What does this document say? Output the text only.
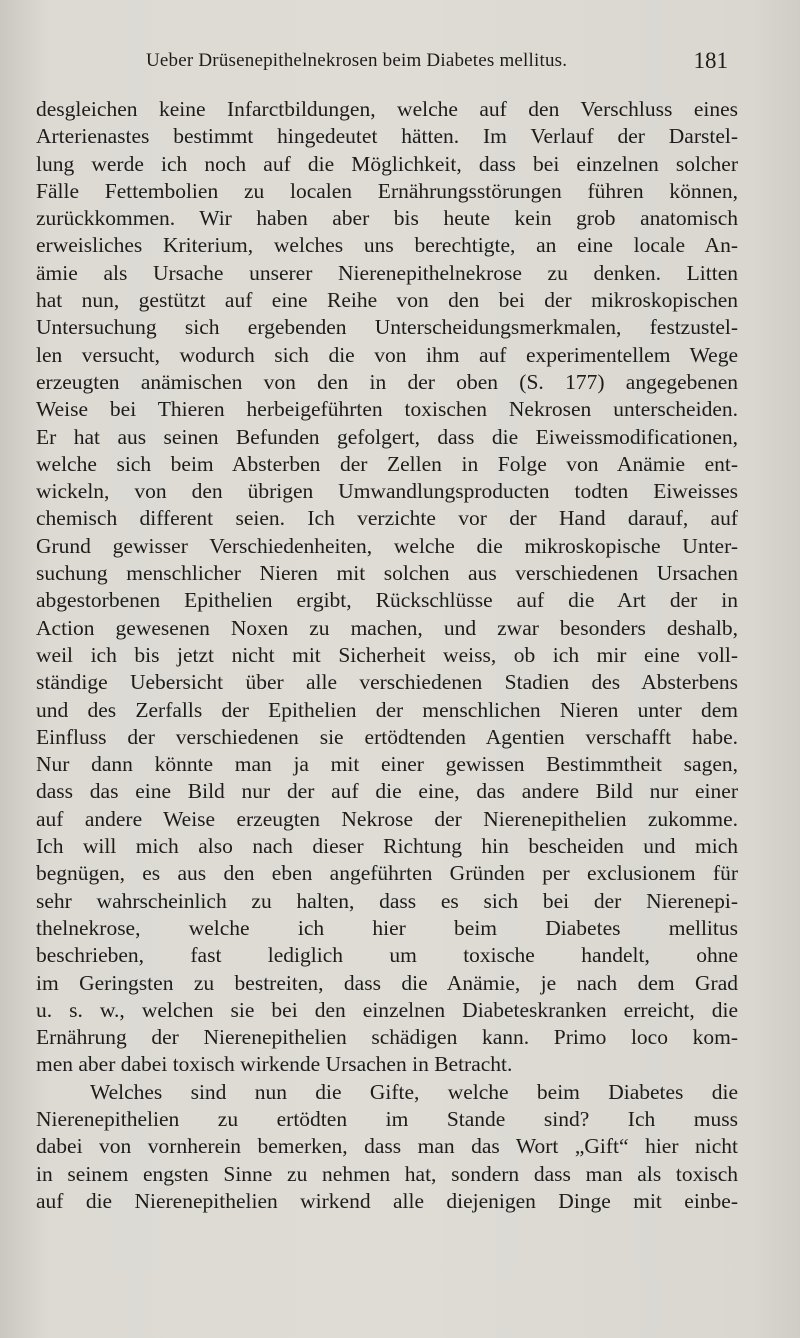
Ueber Drüsenepithelnekrosen beim Diabetes mellitus.	181
desgleichen keine Infarctbildungen, welche auf den Verschluss eines
Arterienastes bestimmt hingedeutet hätten. Im Verlauf der Darstel-
lung werde ich noch auf die Möglichkeit, dass bei einzelnen solcher
Fälle Fettembolien zu localen Ernährungsstörungen führen können,
zurückkommen. Wir haben aber bis heute kein grob anatomisch
erweisliches Kriterium, welches uns berechtigte, an eine locale An-
ämie als Ursache unserer Nierenepithelnekrose zu denken. Litten
hat nun, gestützt auf eine Reihe von den bei der mikroskopischen
Untersuchung sich ergebenden Unterscheidungsmerkmalen, festzustel-
len versucht, wodurch sich die von ihm auf experimentellem Wege
erzeugten anämischen von den in der oben (S. 177) angegebenen
Weise bei Thieren herbeigeführten toxischen Nekrosen unterscheiden.
Er hat aus seinen Befunden gefolgert, dass die Eiweissmodificationen,
welche sich beim Absterben der Zellen in Folge von Anämie ent-
wickeln, von den übrigen Umwandlungsproducten todten Eiweisses
chemisch different seien. Ich verzichte vor der Hand darauf, auf
Grund gewisser Verschiedenheiten, welche die mikroskopische Unter-
suchung menschlicher Nieren mit solchen aus verschiedenen Ursachen
abgestorbenen Epithelien ergibt, Rückschlüsse auf die Art der in
Action gewesenen Noxen zu machen, und zwar besonders deshalb,
weil ich bis jetzt nicht mit Sicherheit weiss, ob ich mir eine voll-
ständige Uebersicht über alle verschiedenen Stadien des Absterbens
und des Zerfalls der Epithelien der menschlichen Nieren unter dem
Einfluss der verschiedenen sie ertödtenden Agentien verschafft habe.
Nur dann könnte man ja mit einer gewissen Bestimmtheit sagen,
dass das eine Bild nur der auf die eine, das andere Bild nur einer
auf andere Weise erzeugten Nekrose der Nierenepithelien zukomme.
Ich will mich also nach dieser Richtung hin bescheiden und mich
begnügen, es aus den eben angeführten Gründen per exclusionem für
sehr wahrscheinlich zu halten, dass es sich bei der Nierenepi-
thelnekrose, welche ich hier beim Diabetes mellitus
beschrieben, fast lediglich um toxische handelt, ohne
im Geringsten zu bestreiten, dass die Anämie, je nach dem Grad
u. s. w., welchen sie bei den einzelnen Diabeteskranken erreicht, die
Ernährung der Nierenepithelien schädigen kann. Primo loco kom-
men aber dabei toxisch wirkende Ursachen in Betracht.
Welches sind nun die Gifte, welche beim Diabetes die
Nierenepithelien zu ertödten im Stande sind? Ich muss
dabei von vornherein bemerken, dass man das Wort „Gift“ hier nicht
in seinem engsten Sinne zu nehmen hat, sondern dass man als toxisch
auf die Nierenepithelien wirkend alle diejenigen Dinge mit einbe-
